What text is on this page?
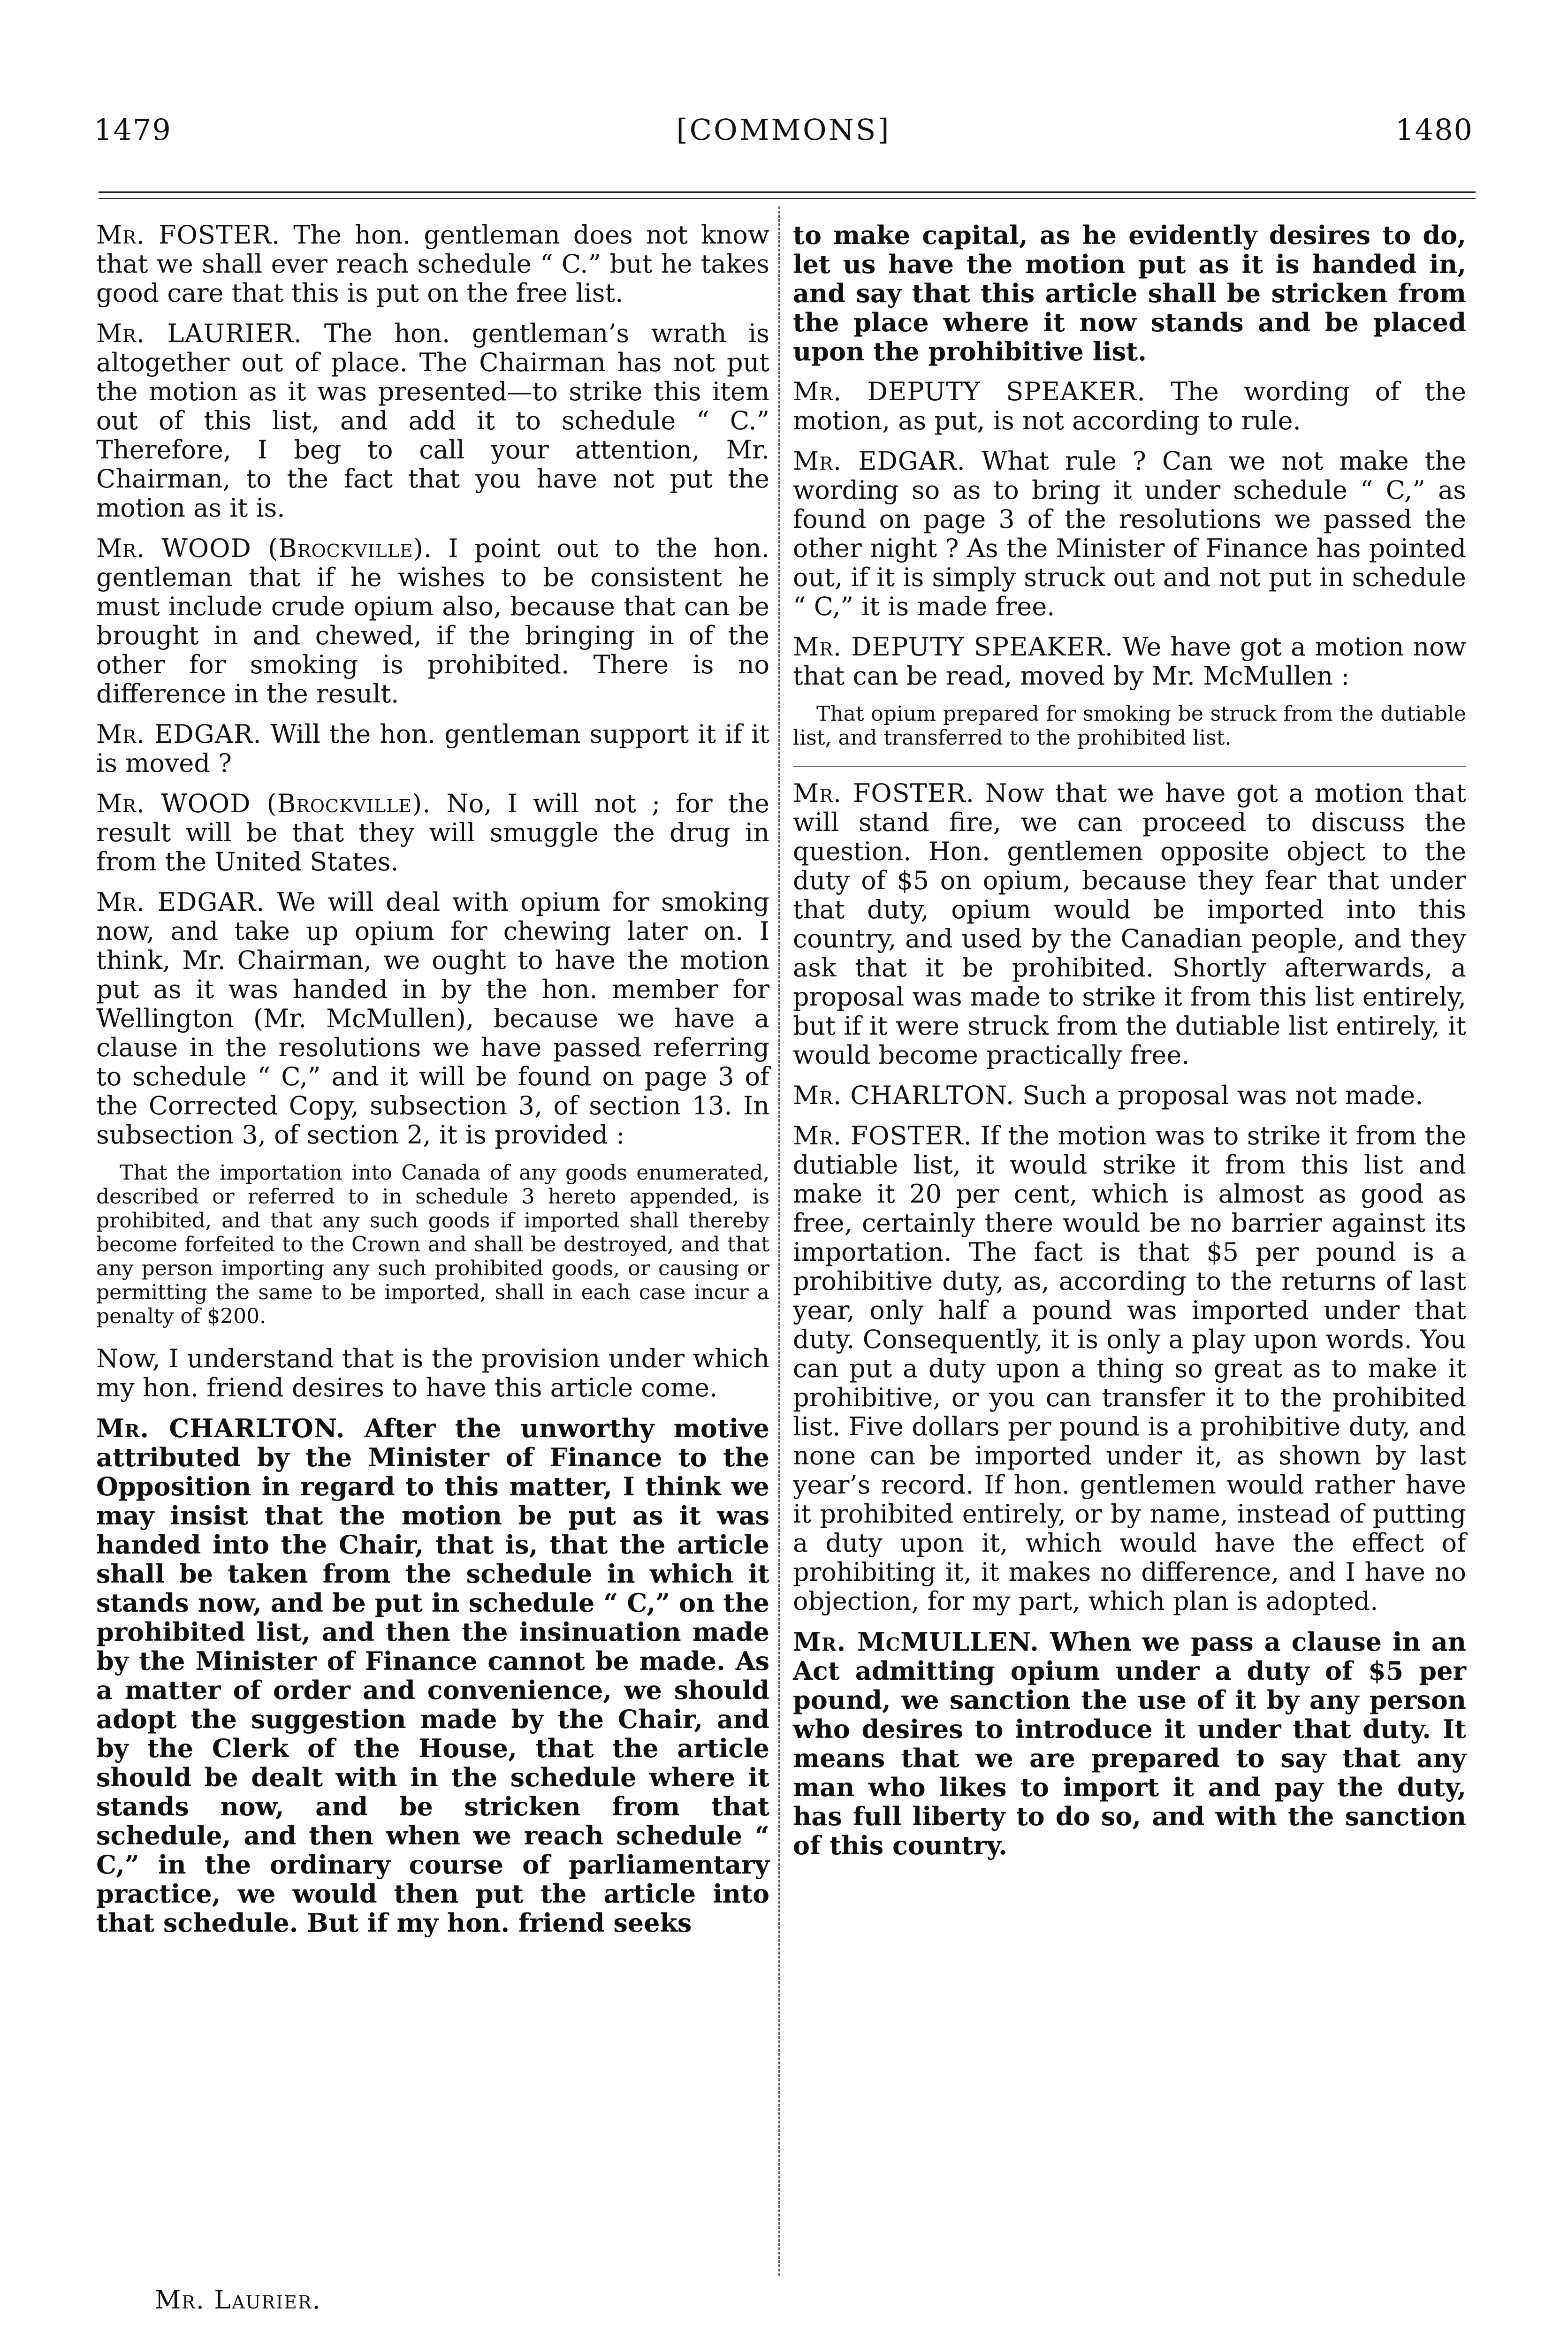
1479	[COMMONS]	1480

Mr. FOSTER. The hon. gentleman does not know that we shall ever reach schedule “ C.” but he takes good care that this is put on the free list.

Mr. LAURIER. The hon. gentleman’s wrath is altogether out of place. The Chairman has not put the motion as it was presented—to strike this item out of this list, and add it to schedule “ C.” Therefore, I beg to call your attention, Mr. Chairman, to the fact that you have not put the motion as it is.

Mr. WOOD (Brockville). I point out to the hon. gentleman that if he wishes to be consistent he must include crude opium also, because that can be brought in and chewed, if the bringing in of the other for smoking is prohibited. There is no difference in the result.

Mr. EDGAR. Will the hon. gentleman support it if it is moved ?

Mr. WOOD (Brockville). No, I will not ; for the result will be that they will smuggle the drug in from the United States.

Mr. EDGAR. We will deal with opium for smoking now, and take up opium for chewing later on. I think, Mr. Chairman, we ought to have the motion put as it was handed in by the hon. member for Wellington (Mr. McMullen), because we have a clause in the resolutions we have passed referring to schedule “ C,” and it will be found on page 3 of the Corrected Copy, subsection 3, of section 13. In subsection 3, of section 2, it is provided :

That the importation into Canada of any goods enumerated, described or referred to in schedule 3 hereto appended, is prohibited, and that any such goods if imported shall thereby become forfeited to the Crown and shall be destroyed, and that any person importing any such prohibited goods, or causing or permitting the same to be imported, shall in each case incur a penalty of $200.

Now, I understand that is the provision under which my hon. friend desires to have this article come.

Mr. CHARLTON. After the unworthy motive attributed by the Minister of Finance to the Opposition in regard to this matter, I think we may insist that the motion be put as it was handed into the Chair, that is, that the article shall be taken from the schedule in which it stands now, and be put in schedule “ C,” on the prohibited list, and then the insinuation made by the Minister of Finance cannot be made. As a matter of order and convenience, we should adopt the suggestion made by the Chair, and by the Clerk of the House, that the article should be dealt with in the schedule where it stands now, and be stricken from that schedule, and then when we reach schedule “ C,” in the ordinary course of parliamentary practice, we would then put the article into that schedule. But if my hon. friend seeks

to make capital, as he evidently desires to do, let us have the motion put as it is handed in, and say that this article shall be stricken from the place where it now stands and be placed upon the prohibitive list.

Mr. DEPUTY SPEAKER. The wording of the motion, as put, is not according to rule.

Mr. EDGAR. What rule ? Can we not make the wording so as to bring it under schedule “ C,” as found on page 3 of the resolutions we passed the other night ? As the Minister of Finance has pointed out, if it is simply struck out and not put in schedule “ C,” it is made free.

Mr. DEPUTY SPEAKER. We have got a motion now that can be read, moved by Mr. McMullen :

That opium prepared for smoking be struck from the dutiable list, and transferred to the prohibited list.

Mr. FOSTER. Now that we have got a motion that will stand fire, we can proceed to discuss the question. Hon. gentlemen opposite object to the duty of $5 on opium, because they fear that under that duty, opium would be imported into this country, and used by the Canadian people, and they ask that it be prohibited. Shortly afterwards, a proposal was made to strike it from this list entirely, but if it were struck from the dutiable list entirely, it would become practically free.

Mr. CHARLTON. Such a proposal was not made.

Mr. FOSTER. If the motion was to strike it from the dutiable list, it would strike it from this list and make it 20 per cent, which is almost as good as free, certainly there would be no barrier against its importation. The fact is that $5 per pound is a prohibitive duty, as, according to the returns of last year, only half a pound was imported under that duty. Consequently, it is only a play upon words. You can put a duty upon a thing so great as to make it prohibitive, or you can transfer it to the prohibited list. Five dollars per pound is a prohibitive duty, and none can be imported under it, as shown by last year’s record. If hon. gentlemen would rather have it prohibited entirely, or by name, instead of putting a duty upon it, which would have the effect of prohibiting it, it makes no difference, and I have no objection, for my part, which plan is adopted.

Mr. McMULLEN. When we pass a clause in an Act admitting opium under a duty of $5 per pound, we sanction the use of it by any person who desires to introduce it under that duty. It means that we are prepared to say that any man who likes to import it and pay the duty, has full liberty to do so, and with the sanction of this country.

Mr. Laurier.
